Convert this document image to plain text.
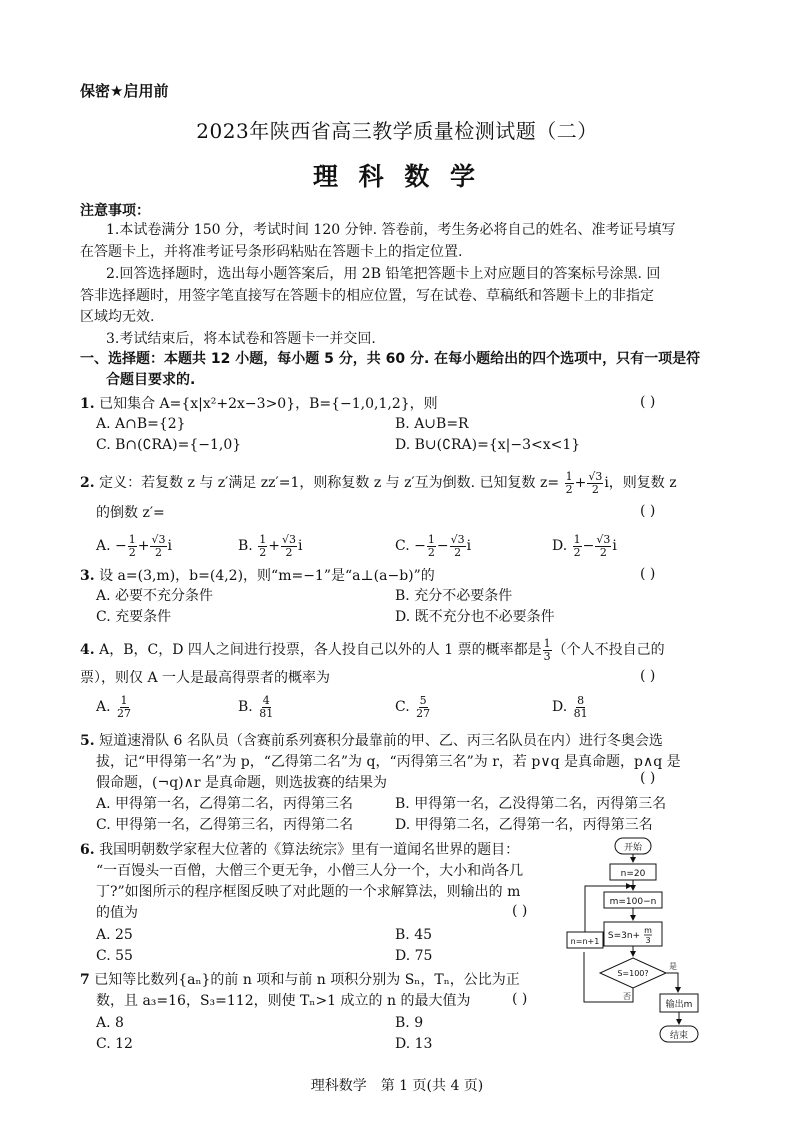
保密★启用前
2023年陕西省高三教学质量检测试题（二）
理 科 数 学
注意事项：
1.本试卷满分 150 分，考试时间 120 分钟. 答卷前，考生务必将自己的姓名、准考证号填写
在答题卡上，并将准考证号条形码粘贴在答题卡上的指定位置.
2.回答选择题时，选出每小题答案后，用 2B 铅笔把答题卡上对应题目的答案标号涂黑. 回
答非选择题时，用签字笔直接写在答题卡的相应位置，写在试卷、草稿纸和答题卡上的非指定
区域均无效.
3.考试结束后，将本试卷和答题卡一并交回.
一、选择题：本题共 12 小题，每小题 5 分，共 60 分. 在每小题给出的四个选项中，只有一项是符
合题目要求的.
1. 已知集合 A={x|x²+2x−3>0}，B={−1,0,1,2}，则	( )
A. A∩B={2}	B. A∪B=R
C. B∩(∁RA)={−1,0}	D. B∪(∁RA)={x|−3<x<1}
2. 定义：若复数 z 与 z′满足 zz′=1，则称复数 z 与 z′互为倒数. 已知复数 $z= \frac{1}{2} + \frac{√3}{2}$ i，则复数 z
的倒数 z′=	( )
A. − $\frac{1}{2} + \frac{√3}{2}$ i	B. $\frac{1}{2} + \frac{√3}{2}$ i	C. − $\frac{1}{2} - \frac{√3}{2}$ i	D. $\frac{1}{2} - \frac{√3}{2}$ i
3. 设 a=(3,m)，b=(4,2)，则“m=−1”是“a⊥(a−b)”的	( )
A. 必要不充分条件	B. 充分不必要条件
C. 充要条件	D. 既不充分也不必要条件
4. A，B，C，D 四人之间进行投票，各人投自己以外的人 1 票的概率都是 $\frac{1}{3}$ （个人不投自己的
票），则仅 A 一人是最高得票者的概率为	( )
A. $\frac{1}{27}$	B. $\frac{4}{81}$	C. $\frac{5}{27}$	D. $\frac{8}{81}$
5. 短道速滑队 6 名队员（含赛前系列赛积分最靠前的甲、乙、丙三名队员在内）进行冬奥会选
拔，记“甲得第一名”为 p，“乙得第二名”为 q，“丙得第三名”为 r，若 p∨q 是真命题，p∧q 是
假命题，(¬q)∧r 是真命题，则选拔赛的结果为	( )
A. 甲得第一名，乙得第二名，丙得第三名	B. 甲得第一名，乙没得第二名，丙得第三名
C. 甲得第一名，乙得第三名，丙得第二名	D. 甲得第二名，乙得第一名，丙得第三名
6. 我国明朝数学家程大位著的《算法统宗》里有一道闻名世界的题目：
“一百馒头一百僧，大僧三个更无争，小僧三人分一个，大小和尚各几
丁?”如图所示的程序框图反映了对此题的一个求解算法，则输出的 m
的值为	( )
A. 25	B. 45
C. 55	D. 75
7 已知等比数列{aₙ}的前 n 项和与前 n 项积分别为 Sₙ，Tₙ，公比为正
数，且 a₃=16，S₃=112，则使 Tₙ>1 成立的 n 的最大值为	( )
A. 8	B. 9
C. 12	D. 13
开始
n=20
m=100−n
S=3n+
m
3
S=100?
是
否
n=n+1
输出m
结束
理科数学　第 1 页(共 4 页)
